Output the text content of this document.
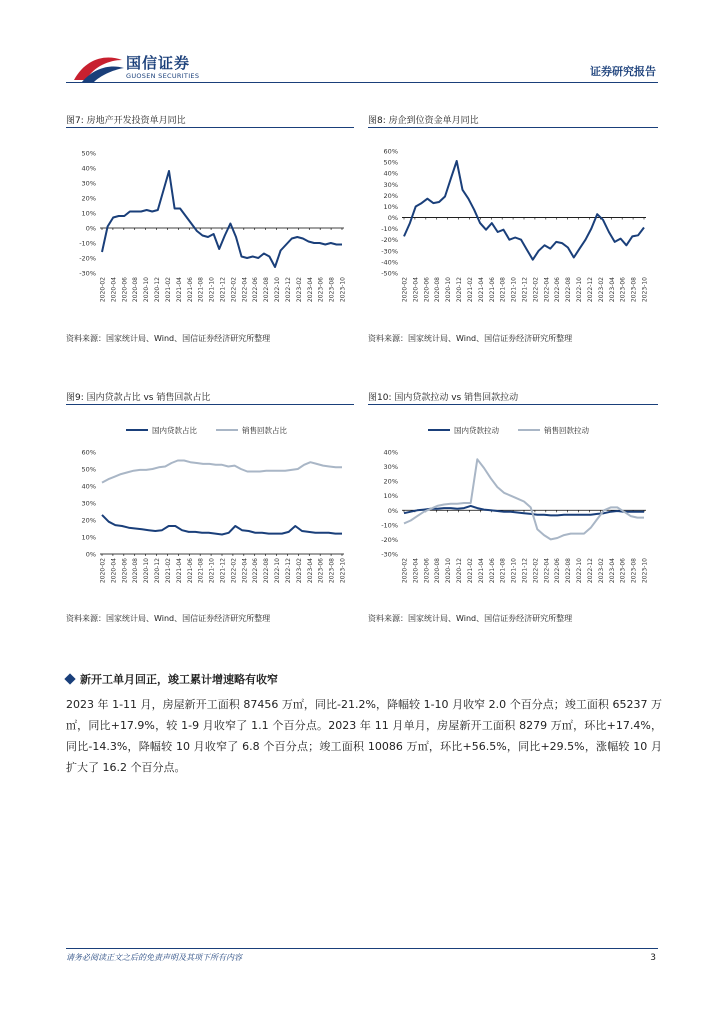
国信证券
GUOSEN SECURITIES	证券研究报告
图7: 房地产开发投资单月同比
50%
40%
30%
20%
10%
0%
-10%
-20%
-30%
2020-02 2020-04 2020-06 2020-08 2020-10 2020-12 2021-02 2021-04 2021-06 2021-08 2021-10 2021-12 2022-02 2022-04 2022-06 2022-08 2022-10 2022-12 2023-02 2023-04 2023-06 2023-08 2023-10
资料来源：国家统计局、Wind、国信证券经济研究所整理
图8: 房企到位资金单月同比
60%
50%
40%
30%
20%
10%
0%
-10%
-20%
-30%
-40%
-50%
2020-02 2020-04 2020-06 2020-08 2020-10 2020-12 2021-02 2021-04 2021-06 2021-08 2021-10 2021-12 2022-02 2022-04 2022-06 2022-08 2022-10 2022-12 2023-02 2023-04 2023-06 2023-08 2023-10
资料来源：国家统计局、Wind、国信证券经济研究所整理
图9: 国内贷款占比 vs 销售回款占比
60%
50%
40%
30%
20%
10%
0%
2020-02 2020-04 2020-06 2020-08 2020-10 2020-12 2021-02 2021-04 2021-06 2021-08 2021-10 2021-12 2022-02 2022-04 2022-06 2022-08 2022-10 2022-12 2023-02 2023-04 2023-06 2023-08 2023-10
国内贷款占比	销售回款占比
资料来源：国家统计局、Wind、国信证券经济研究所整理
图10: 国内贷款拉动 vs 销售回款拉动
40%
30%
20%
10%
0%
-10%
-20%
-30%
2020-02 2020-04 2020-06 2020-08 2020-10 2020-12 2021-02 2021-04 2021-06 2021-08 2021-10 2021-12 2022-02 2022-04 2022-06 2022-08 2022-10 2022-12 2023-02 2023-04 2023-06 2023-08 2023-10
国内贷款拉动	销售回款拉动
资料来源：国家统计局、Wind、国信证券经济研究所整理
新开工单月回正，竣工累计增速略有收窄
2023 年 1-11 月，房屋新开工面积 87456 万㎡，同比-21.2%，降幅较 1-10 月收窄 2.0 个百分点；竣工面积 65237 万㎡，同比+17.9%，较 1-9 月收窄了 1.1 个百分点。2023 年 11 月单月，房屋新开工面积 8279 万㎡，环比+17.4%，同比-14.3%，降幅较 10 月收窄了 6.8 个百分点；竣工面积 10086 万㎡，环比+56.5%，同比+29.5%，涨幅较 10 月扩大了 16.2 个百分点。
请务必阅读正文之后的免责声明及其项下所有内容	3
